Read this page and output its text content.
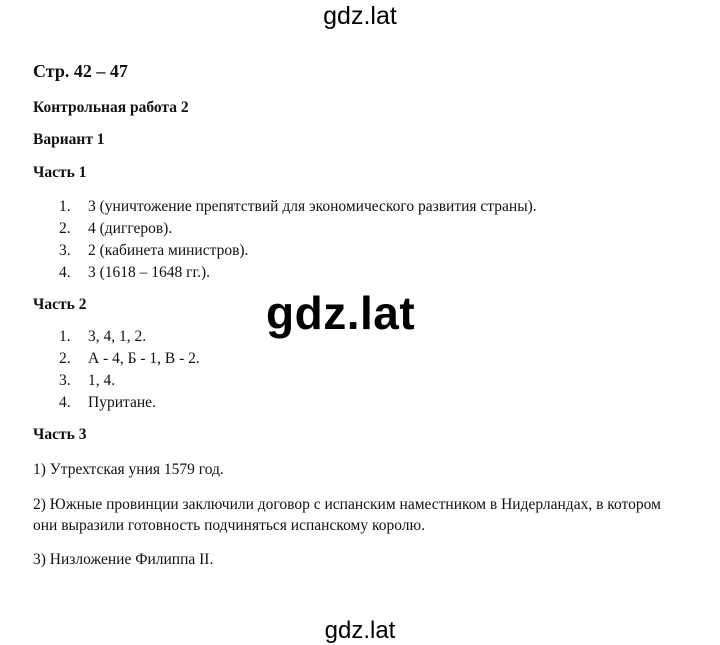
gdz.lat
Стр. 42 – 47
Контрольная работа 2
Вариант 1
Часть 1
1. 3 (уничтожение препятствий для экономического развития страны).
2. 4 (диггеров).
3. 2 (кабинета министров).
4. 3 (1618 – 1648 гг.).
Часть 2
1. 3, 4, 1, 2.
2. А - 4, Б - 1, В - 2.
3. 1, 4.
4. Пуритане.
Часть 3
1) Утрехтская уния 1579 год.
2) Южные провинции заключили договор с испанским наместником в Нидерландах, в котором они выразили готовность подчиняться испанскому королю.
3) Низложение Филиппа II.
gdz.lat
gdz.lat
